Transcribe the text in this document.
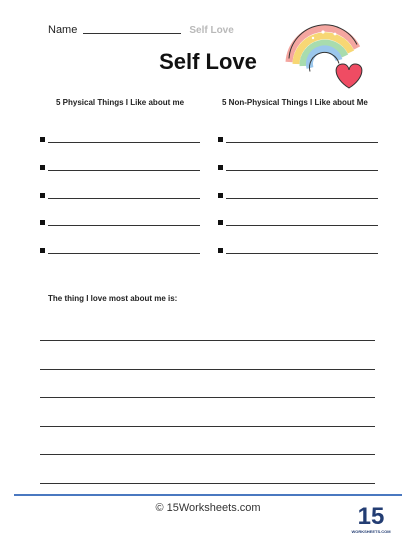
Name	Self Love
Self Love
5 Physical Things I Like about me	5 Non-Physical Things I Like about Me
The thing I love most about me is:
© 15Worksheets.com	15
WORKSHEETS.COM
